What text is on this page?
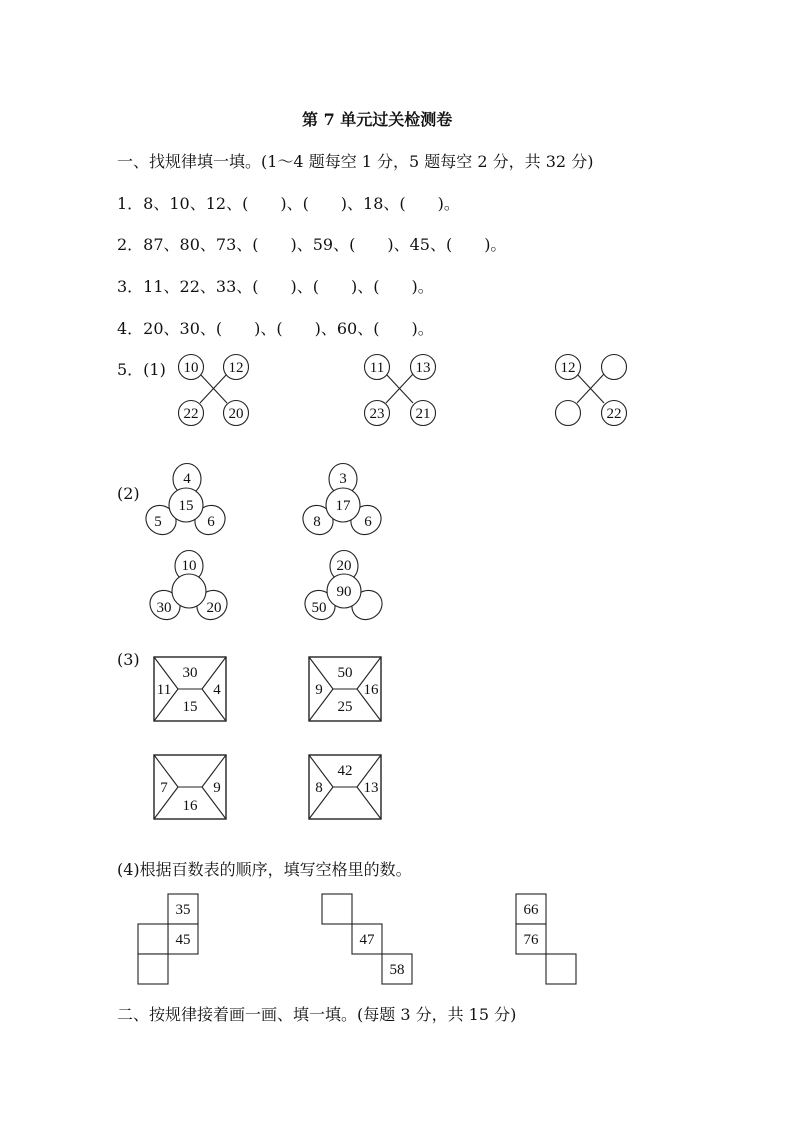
第 7 单元过关检测卷
一、找规律填一填。(1～4 题每空 1 分，5 题每空 2 分，共 32 分)
1．8、10、12、(　　)、(　　)、18、(　　)。
2．87、80、73、(　　)、59、(　　)、45、(　　)。
3．11、22、33、(　　)、(　　)、(　　)。
4．20、30、(　　)、(　　)、60、(　　)。
5．(1)
(2)
(3)
(4)根据百数表的顺序，填写空格里的数。
二、按规律接着画一画、填一填。(每题 3 分，共 15 分)
10 12
22 20
11 13
23 21
12
22
4
15
5	6
3
17
8	6
10
30 20
20
90
50
30
11	4
15
50
9	16
25
7	9
16
42
8	13
35
45	47
58
66
76
